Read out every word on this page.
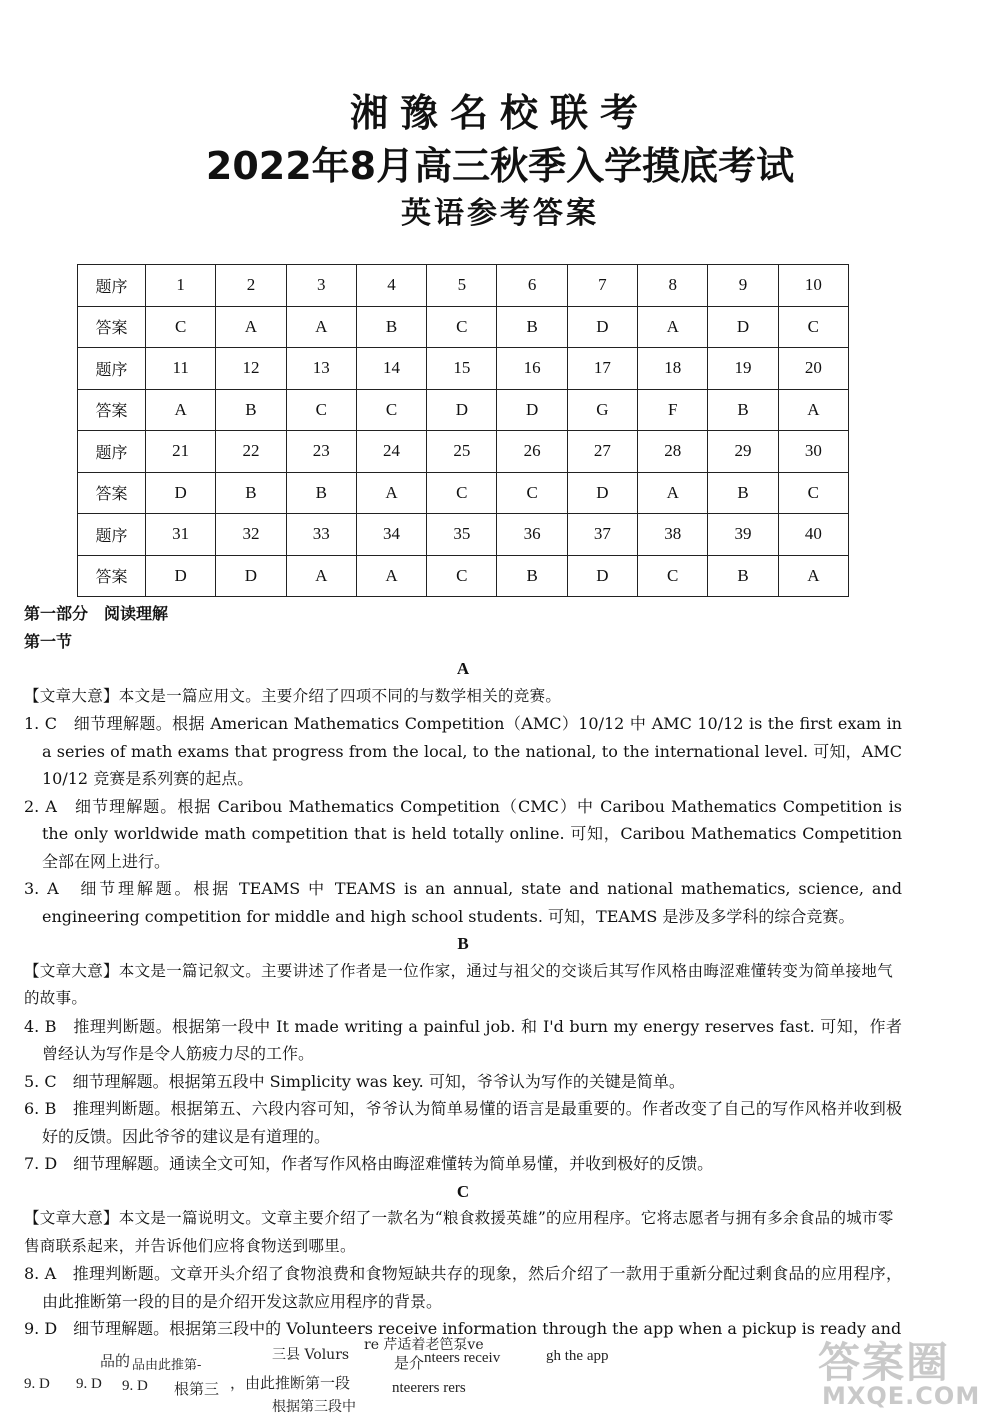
湘豫名校联考
2022年8月高三秋季入学摸底考试
英语参考答案
题序	1	2	3	4	5	6	7	8	9	10
答案	C	A	A	B	C	B	D	A	D	C
题序	11	12	13	14	15	16	17	18	19	20
答案	A	B	C	C	D	D	G	F	B	A
题序	21	22	23	24	25	26	27	28	29	30
答案	D	B	B	A	C	C	D	A	B	C
题序	31	32	33	34	35	36	37	38	39	40
答案	D	D	A	A	C	B	D	C	B	A

第一部分　阅读理解

第一节

A

【文章大意】本文是一篇应用文。主要介绍了四项不同的与数学相关的竞赛。

1. C　细节理解题。根据 American Mathematics Competition（AMC）10/12 中 AMC 10/12 is the first exam in a series of math exams that progress from the local, to the national, to the international level. 可知，AMC 10/12 竞赛是系列赛的起点。

2. A　细节理解题。根据 Caribou Mathematics Competition（CMC）中 Caribou Mathematics Competition is the only worldwide math competition that is held totally online. 可知，Caribou Mathematics Competition 全部在网上进行。

3. A　细节理解题。根据 TEAMS 中 TEAMS is an annual, state and national mathematics, science, and engineering competition for middle and high school students. 可知，TEAMS 是涉及多学科的综合竞赛。

B

【文章大意】本文是一篇记叙文。主要讲述了作者是一位作家，通过与祖父的交谈后其写作风格由晦涩难懂转变为简单接地气的故事。

4. B　推理判断题。根据第一段中 It made writing a painful job. 和 I'd burn my energy reserves fast. 可知，作者曾经认为写作是令人筋疲力尽的工作。

5. C　细节理解题。根据第五段中 Simplicity was key. 可知，爷爷认为写作的关键是简单。

6. B　推理判断题。根据第五、六段内容可知，爷爷认为简单易懂的语言是最重要的。作者改变了自己的写作风格并收到极好的反馈。因此爷爷的建议是有道理的。

7. D　细节理解题。通读全文可知，作者写作风格由晦涩难懂转为简单易懂，并收到极好的反馈。

C

【文章大意】本文是一篇说明文。文章主要介绍了一款名为“粮食救援英雄”的应用程序。它将志愿者与拥有多余食品的城市零售商联系起来，并告诉他们应将食物送到哪里。

8. A　推理判断题。文章开头介绍了食物浪费和食物短缺共存的现象，然后介绍了一款用于重新分配过剩食品的应用程序，由此推断第一段的目的是介绍开发这款应用程序的背景。

9. D　细节理解题。根据第三段中的 Volunteers receive information through the app when a pickup is ready and

品的 品由此推第-
三县 Volurs
re 芹适着老笆泵ve
是介 nteers receiv	gh the app
9. D 9. D 9. D 根第三 ，由此推断第一段	nteerers rers
根据第三段中
答案圈
MXQE.COM
